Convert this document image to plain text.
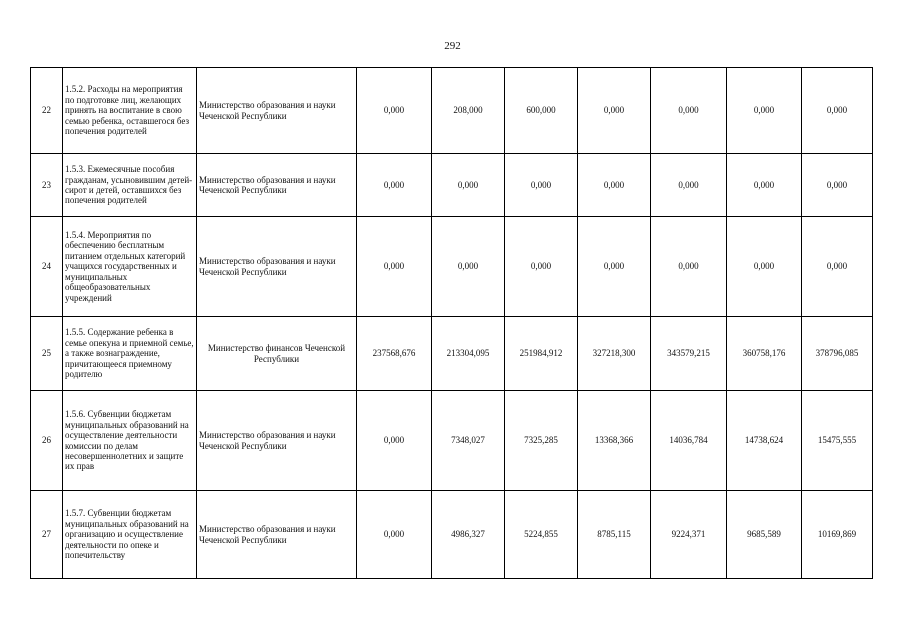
292
22	1.5.2. Расходы на мероприятия по подготовке лиц, желающих принять на воспитание в свою семью ребенка, оставшегося без попечения родителей	Министерство образования и науки Чеченской Республики	0,000	208,000	600,000	0,000	0,000	0,000	0,000
23	1.5.3. Ежемесячные пособия гражданам, усыновившим детей-сирот и детей, оставшихся без попечения родителей	Министерство образования и науки Чеченской Республики	0,000	0,000	0,000	0,000	0,000	0,000	0,000
24	1.5.4. Мероприятия по обеспечению бесплатным питанием отдельных категорий учащихся государственных и муниципальных общеобразовательных учреждений	Министерство образования и науки Чеченской Республики	0,000	0,000	0,000	0,000	0,000	0,000	0,000
25	1.5.5. Содержание ребенка в семье опекуна и приемной семье, а также вознаграждение, причитающееся приемному родителю	Министерство финансов Чеченской Республики	237568,676	213304,095	251984,912	327218,300	343579,215	360758,176	378796,085
26	1.5.6. Субвенции бюджетам муниципальных образований на осуществление деятельности комиссии по делам несовершеннолетних и защите их прав	Министерство образования и науки Чеченской Республики	0,000	7348,027	7325,285	13368,366	14036,784	14738,624	15475,555
27	1.5.7. Субвенции бюджетам муниципальных образований на организацию и осуществление деятельности по опеке и попечительству	Министерство образования и науки Чеченской Республики	0,000	4986,327	5224,855	8785,115	9224,371	9685,589	10169,869
